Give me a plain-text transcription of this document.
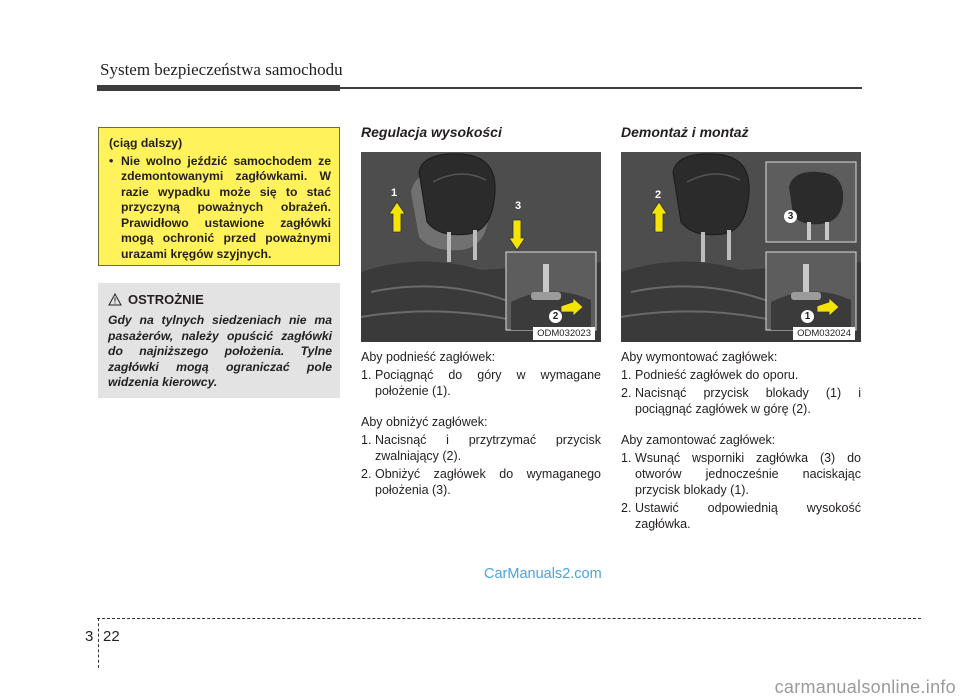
System bezpieczeństwa samochodu
(ciąg dalszy)
• Nie wolno jeździć samochodem ze zdemontowanymi zagłówkami. W razie wypadku może się to stać przyczyną poważnych obrażeń. Prawidłowo ustawione zagłówki mogą ochronić przed poważnymi urazami kręgów szyjnych.
OSTROŻNIE
Gdy na tylnych siedzeniach nie ma pasażerów, należy opuścić zagłówki do najniższego położenia. Tylne zagłówki mogą ograniczać pole widzenia kierowcy.
Regulacja wysokości
1
3
2
ODM032023

Aby podnieść zagłówek:

1. Pociągnąć do góry w wymagane położenie (1).

Aby obniżyć zagłówek:

1. Nacisnąć i przytrzymać przycisk zwalniający (2).
2. Obniżyć zagłówek do wymaganego położenia (3).
Demontaż i montaż
2
3
1
ODM032024

Aby wymontować zagłówek:

1. Podnieść zagłówek do oporu.
2. Nacisnąć przycisk blokady (1) i pociągnąć zagłówek w górę (2).

Aby zamontować zagłówek:

1. Wsunąć wsporniki zagłówka (3) do otworów jednocześnie naciskając przycisk blokady (1).
2. Ustawić odpowiednią wysokość zagłówka.
CarManuals2.com
3 22
carmanualsonline.info
